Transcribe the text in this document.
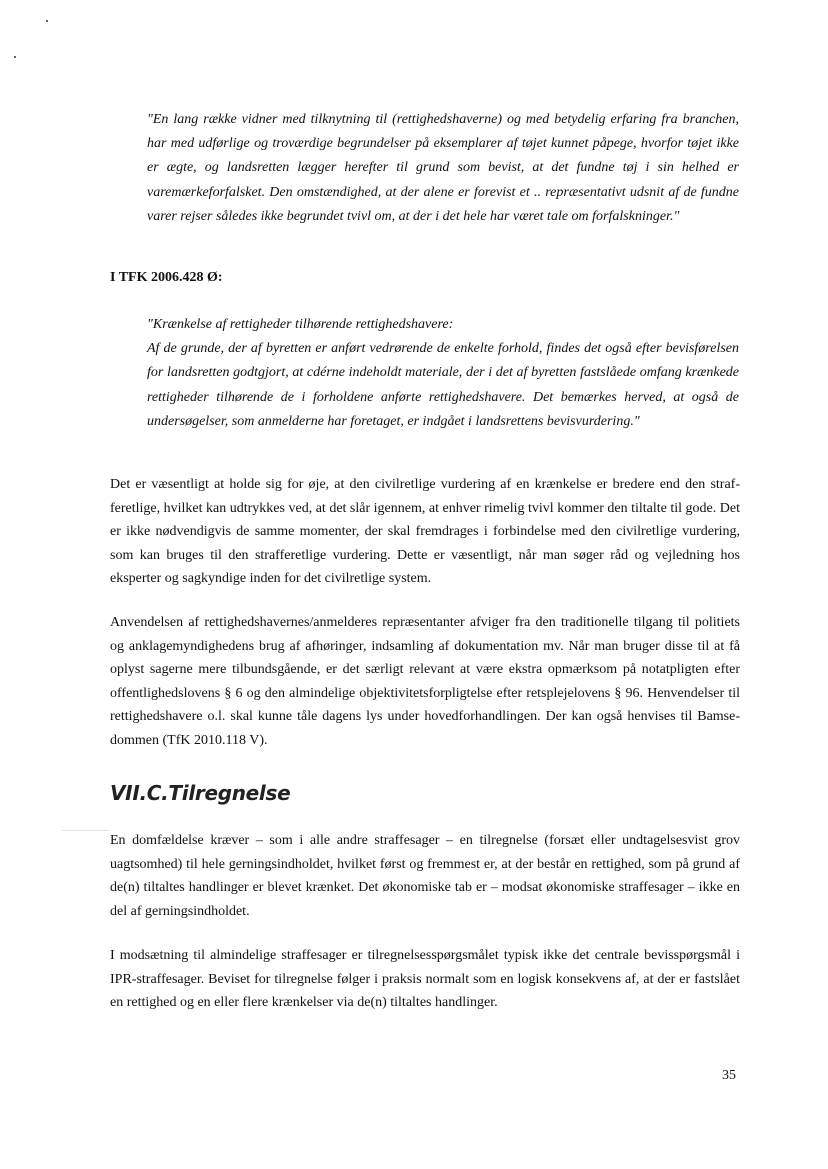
"En lang række vidner med tilknytning til (rettighedshaverne) og med betydelig erfaring fra branchen, har med udførlige og troværdige begrundelser på eksemplarer af tøjet kunnet påpege, hvorfor tøjet ikke er ægte, og landsretten lægger herefter til grund som bevist, at det fundne tøj i sin helhed er varemærkeforfalsket. Den omstændighed, at der alene er forevist et .. repræsentativt udsnit af de fundne varer rejser således ikke begrundet tvivl om, at der i det hele har været tale om forfalskninger."

I TFK 2006.428 Ø:

"Krænkelse af rettigheder tilhørende rettighedshavere:

Af de grunde, der af byretten er anført vedrørende de enkelte forhold, findes det også efter bevisførelsen for landsretten godtgjort, at cdérne indeholdt materiale, der i det af byretten fastslåede omfang krænkede rettigheder tilhørende de i forholdene anførte rettighedshavere. Det bemærkes herved, at også de undersøgelser, som anmelderne har foretaget, er indgået i landsrettens bevisvurdering."

Det er væsentligt at holde sig for øje, at den civilretlige vurdering af en krænkelse er bredere end den strafferetlige, hvilket kan udtrykkes ved, at det slår igennem, at enhver rimelig tvivl kommer den tiltalte til gode. Det er ikke nødvendigvis de samme momenter, der skal fremdrages i forbindelse med den civilretlige vurdering, som kan bruges til den strafferetlige vurdering. Dette er væsentligt, når man søger råd og vejledning hos eksperter og sagkyndige inden for det civilretlige system.

Anvendelsen af rettighedshavernes/anmelderes repræsentanter afviger fra den traditionelle tilgang til politiets og anklagemyndighedens brug af afhøringer, indsamling af dokumentation mv. Når man bruger disse til at få oplyst sagerne mere tilbundsgående, er det særligt relevant at være ekstra opmærksom på notatpligten efter offentlighedslovens § 6 og den almindelige objektivitetsforpligtelse efter retsplejelovens § 96. Henvendelser til rettighedshavere o.l. skal kunne tåle dagens lys under hovedforhandlingen. Der kan også henvises til Bamse-dommen (TfK 2010.118 V).

VII.C.Tilregnelse

En domfældelse kræver – som i alle andre straffesager – en tilregnelse (forsæt eller undtagelsesvist grov uagtsomhed) til hele gerningsindholdet, hvilket først og fremmest er, at der består en rettighed, som på grund af de(n) tiltaltes handlinger er blevet krænket. Det økonomiske tab er – modsat økonomiske straffesager – ikke en del af gerningsindholdet.

I modsætning til almindelige straffesager er tilregnelsesspørgsmålet typisk ikke det centrale bevisspørgsmål i IPR-straffesager. Beviset for tilregnelse følger i praksis normalt som en logisk konsekvens af, at der er fastslået en rettighed og en eller flere krænkelser via de(n) tiltaltes handlinger.

35
